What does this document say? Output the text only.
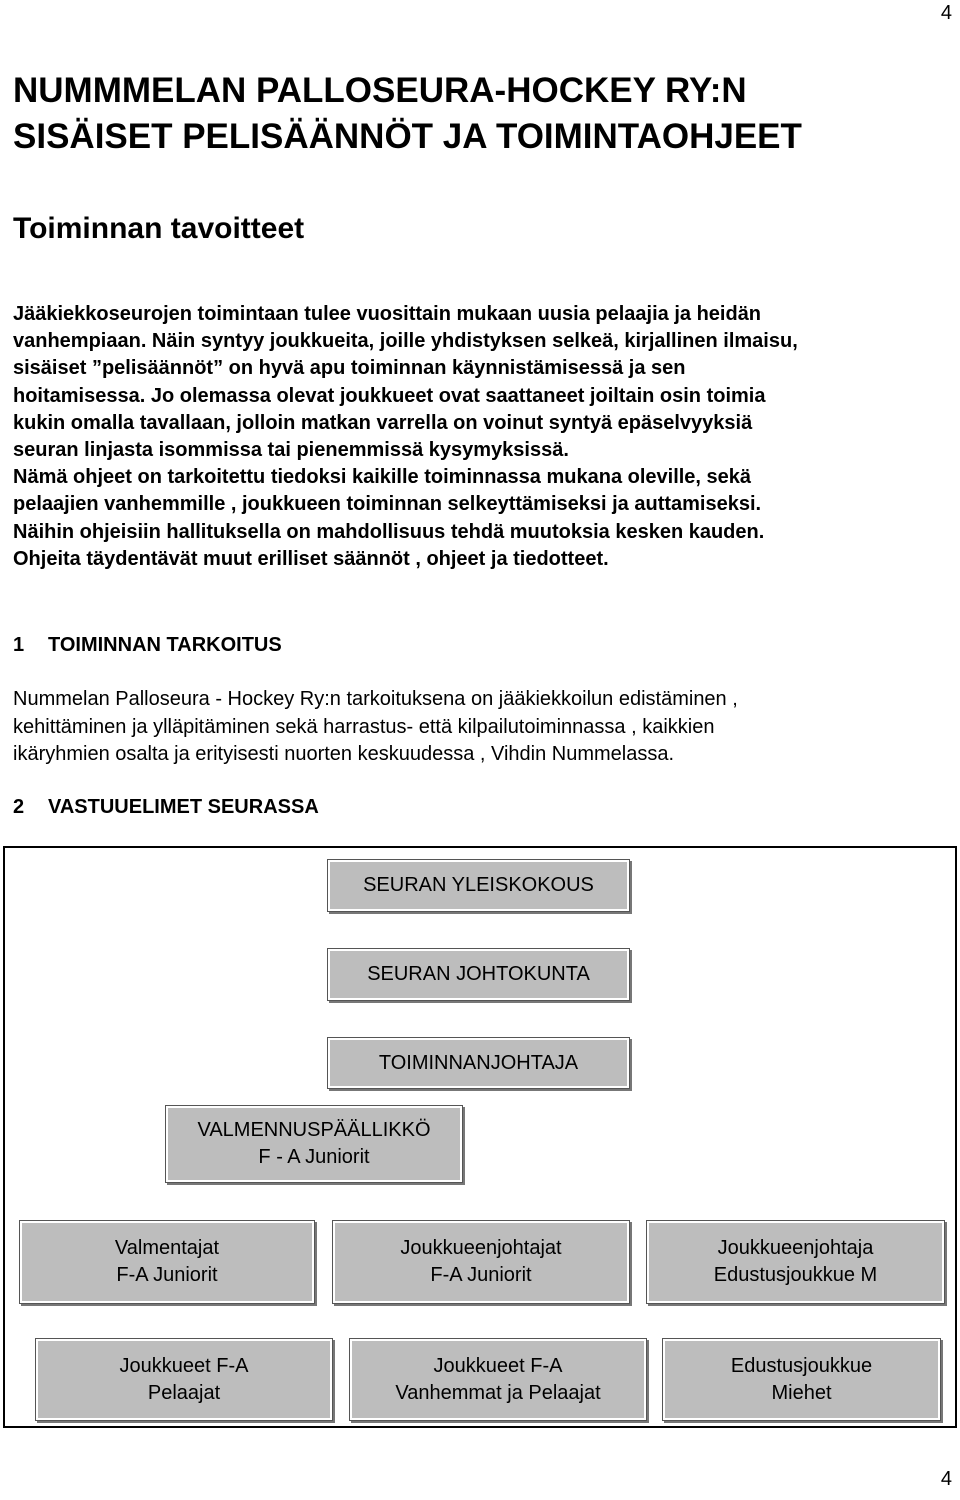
4
NUMMMELAN PALLOSEURA-HOCKEY RY:N
SISÄISET PELISÄÄNNÖT JA TOIMINTAOHJEET
Toiminnan tavoitteet
Jääkiekkoseurojen toimintaan tulee vuosittain mukaan uusia pelaajia ja heidän
vanhempiaan. Näin syntyy joukkueita, joille yhdistyksen selkeä, kirjallinen ilmaisu,
sisäiset ”pelisäännöt” on hyvä apu toiminnan käynnistämisessä ja sen
hoitamisessa. Jo olemassa olevat joukkueet ovat saattaneet joiltain osin toimia
kukin omalla tavallaan, jolloin matkan varrella on voinut syntyä epäselvyyksiä
seuran linjasta isommissa tai pienemmissä kysymyksissä.
Nämä ohjeet on tarkoitettu tiedoksi kaikille toiminnassa mukana oleville, sekä
pelaajien vanhemmille , joukkueen toiminnan selkeyttämiseksi ja auttamiseksi.
Näihin ohjeisiin hallituksella on mahdollisuus tehdä muutoksia kesken kauden.
Ohjeita täydentävät muut erilliset säännöt , ohjeet ja tiedotteet.
1 TOIMINNAN TARKOITUS
Nummelan Palloseura - Hockey Ry:n tarkoituksena on jääkiekkoilun edistäminen ,
kehittäminen ja ylläpitäminen sekä harrastus- että kilpailutoiminnassa , kaikkien
ikäryhmien osalta ja erityisesti nuorten keskuudessa , Vihdin Nummelassa.
2 VASTUUELIMET SEURASSA
SEURAN YLEISKOKOUS
SEURAN JOHTOKUNTA
TOIMINNANJOHTAJA
VALMENNUSPÄÄLLIKKÖ
F - A Juniorit
Valmentajat
F-A Juniorit
Joukkueenjohtajat
F-A Juniorit
Joukkueenjohtaja
Edustusjoukkue M
Joukkueet F-A
Pelaajat
Joukkueet F-A
Vanhemmat ja Pelaajat
Edustusjoukkue
Miehet
4
